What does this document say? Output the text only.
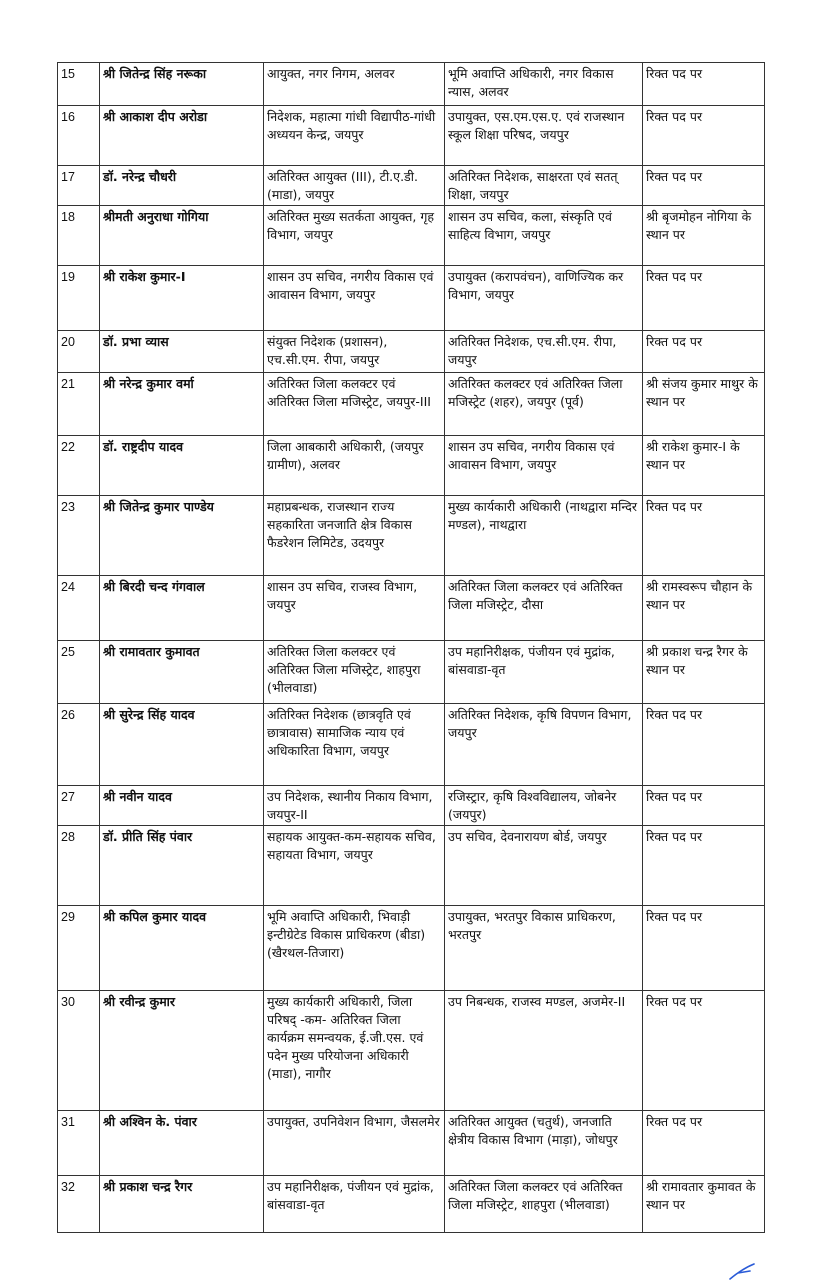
15	श्री जितेन्द्र सिंह नरूका	आयुक्त, नगर निगम, अलवर	भूमि अवाप्ति अधिकारी, नगर विकास न्यास, अलवर	रिक्त पद पर
16	श्री आकाश दीप अरोडा	निदेशक, महात्मा गांधी विद्यापीठ-गांधी अध्ययन केन्द्र, जयपुर	उपायुक्त, एस.एम.एस.ए. एवं राजस्थान स्कूल शिक्षा परिषद, जयपुर	रिक्त पद पर
17	डॉ. नरेन्द्र चौधरी	अतिरिक्त आयुक्त (III), टी.ए.डी. (माडा), जयपुर	अतिरिक्त निदेशक, साक्षरता एवं सतत् शिक्षा, जयपुर	रिक्त पद पर
18	श्रीमती अनुराधा गोगिया	अतिरिक्त मुख्य सतर्कता आयुक्त, गृह विभाग, जयपुर	शासन उप सचिव, कला, संस्कृति एवं साहित्य विभाग, जयपुर	श्री बृजमोहन नोगिया के स्थान पर
19	श्री राकेश कुमार-I	शासन उप सचिव, नगरीय विकास एवं आवासन विभाग, जयपुर	उपायुक्त (करापवंचन), वाणिज्यिक कर विभाग, जयपुर	रिक्त पद पर
20	डॉ. प्रभा व्यास	संयुक्त निदेशक (प्रशासन), एच.सी.एम. रीपा, जयपुर	अतिरिक्त निदेशक, एच.सी.एम. रीपा, जयपुर	रिक्त पद पर
21	श्री नरेन्द्र कुमार वर्मा	अतिरिक्त जिला कलक्टर एवं अतिरिक्त जिला मजिस्ट्रेट, जयपुर-III	अतिरिक्त कलक्टर एवं अतिरिक्त जिला मजिस्ट्रेट (शहर), जयपुर (पूर्व)	श्री संजय कुमार माथुर के स्थान पर
22	डॉ. राष्ट्रदीप यादव	जिला आबकारी अधिकारी, (जयपुर ग्रामीण), अलवर	शासन उप सचिव, नगरीय विकास एवं आवासन विभाग, जयपुर	श्री राकेश कुमार-I के स्थान पर
23	श्री जितेन्द्र कुमार पाण्डेय	महाप्रबन्धक, राजस्थान राज्य सहकारिता जनजाति क्षेत्र विकास फैडरेशन लिमिटेड, उदयपुर	मुख्य कार्यकारी अधिकारी (नाथद्वारा मन्दिर मण्डल), नाथद्वारा	रिक्त पद पर
24	श्री बिरदी चन्द गंगवाल	शासन उप सचिव, राजस्व विभाग, जयपुर	अतिरिक्त जिला कलक्टर एवं अतिरिक्त जिला मजिस्ट्रेट, दौसा	श्री रामस्वरूप चौहान के स्थान पर
25	श्री रामावतार कुमावत	अतिरिक्त जिला कलक्टर एवं अतिरिक्त जिला मजिस्ट्रेट, शाहपुरा (भीलवाडा)	उप महानिरीक्षक, पंजीयन एवं मुद्रांक, बांसवाडा-वृत	श्री प्रकाश चन्द्र रैगर के स्थान पर
26	श्री सुरेन्द्र सिंह यादव	अतिरिक्त निदेशक (छात्रवृति एवं छात्रावास) सामाजिक न्याय एवं अधिकारिता विभाग, जयपुर	अतिरिक्त निदेशक, कृषि विपणन विभाग, जयपुर	रिक्त पद पर
27	श्री नवीन यादव	उप निदेशक, स्थानीय निकाय विभाग, जयपुर-II	रजिस्ट्रार, कृषि विश्वविद्यालय, जोबनेर (जयपुर)	रिक्त पद पर
28	डॉ. प्रीति सिंह पंवार	सहायक आयुक्त-कम-सहायक सचिव, सहायता विभाग, जयपुर	उप सचिव, देवनारायण बोर्ड, जयपुर	रिक्त पद पर
29	श्री कपिल कुमार यादव	भूमि अवाप्ति अधिकारी, भिवाड़ी इन्टीग्रेटेड विकास प्राधिकरण (बीडा) (खैरथल-तिजारा)	उपायुक्त, भरतपुर विकास प्राधिकरण, भरतपुर	रिक्त पद पर
30	श्री रवीन्द्र कुमार	मुख्य कार्यकारी अधिकारी, जिला परिषद् -कम- अतिरिक्त जिला कार्यक्रम समन्वयक, ई.जी.एस. एवं पदेन मुख्य परियोजना अधिकारी (माडा), नागौर	उप निबन्धक, राजस्व मण्डल, अजमेर-II	रिक्त पद पर
31	श्री अश्विन के. पंवार	उपायुक्त, उपनिवेशन विभाग, जैसलमेर	अतिरिक्त आयुक्त (चतुर्थ), जनजाति क्षेत्रीय विकास विभाग (माड़ा), जोधपुर	रिक्त पद पर
32	श्री प्रकाश चन्द्र रैगर	उप महानिरीक्षक, पंजीयन एवं मुद्रांक, बांसवाडा-वृत	अतिरिक्त जिला कलक्टर एवं अतिरिक्त जिला मजिस्ट्रेट, शाहपुरा (भीलवाडा)	श्री रामावतार कुमावत के स्थान पर
